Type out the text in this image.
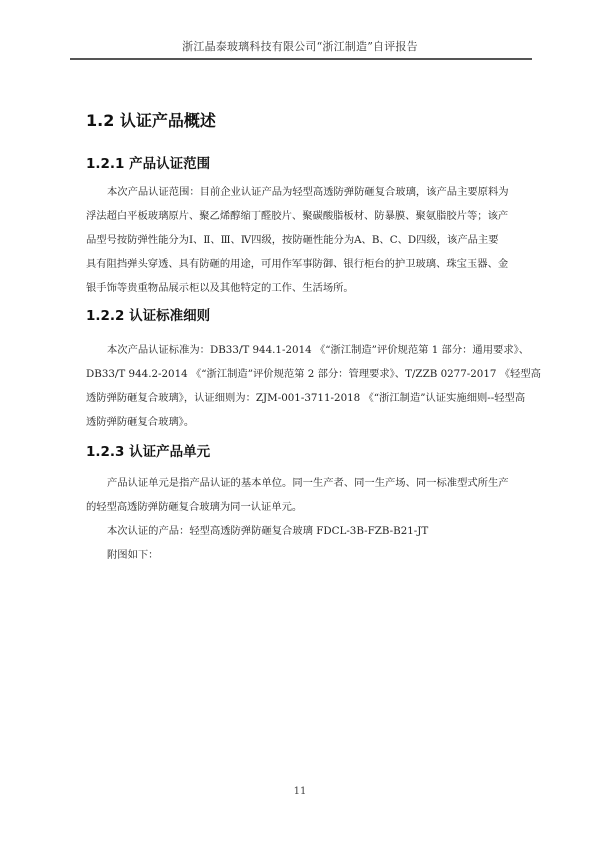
浙江晶泰玻璃科技有限公司“浙江制造”自评报告
1.2 认证产品概述
1.2.1 产品认证范围
本次产品认证范围：目前企业认证产品为轻型高透防弹防砸复合玻璃，该产品主要原料为
浮法超白平板玻璃原片、聚乙烯醇缩丁醛胶片、聚碳酸脂板材、防暴膜、聚氨脂胶片等；该产
品型号按防弹性能分为Ⅰ、Ⅱ、Ⅲ、Ⅳ四级，按防砸性能分为A、B、C、D四级，该产品主要
具有阻挡弹头穿透、具有防砸的用途，可用作军事防御、银行柜台的护卫玻璃、珠宝玉器、金
银手饰等贵重物品展示柜以及其他特定的工作、生活场所。
1.2.2 认证标准细则
本次产品认证标准为：DB33/T 944.1-2014 《“浙江制造”评价规范第 1 部分：通用要求》、
DB33/T 944.2-2014 《“浙江制造”评价规范第 2 部分：管理要求》、T/ZZB 0277-2017 《轻型高
透防弹防砸复合玻璃》，认证细则为：ZJM-001-3711-2018 《“浙江制造”认证实施细则--轻型高
透防弹防砸复合玻璃》。
1.2.3 认证产品单元
产品认证单元是指产品认证的基本单位。同一生产者、同一生产场、同一标准型式所生产
的轻型高透防弹防砸复合玻璃为同一认证单元。
本次认证的产品：轻型高透防弹防砸复合玻璃 FDCL-3B-FZB-B21-JT
附图如下：
11
